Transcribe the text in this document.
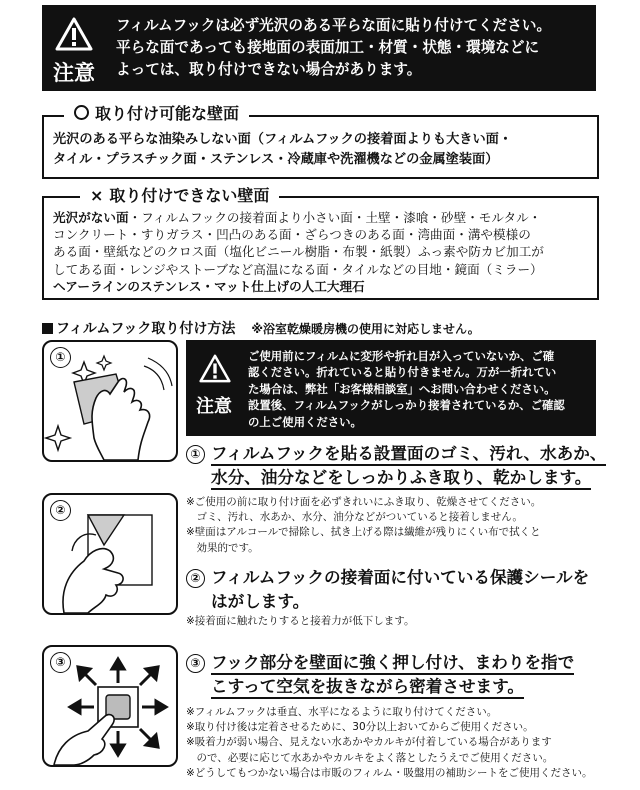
注意
フィルムフックは必ず光沢のある平らな面に貼り付けてください。
平らな面であっても接地面の表面加工・材質・状態・環境などに
よっては、取り付けできない場合があります。
光沢のある平らな油染みしない面（フィルムフックの接着面よりも大きい面・
タイル・プラスチック面・ステンレス・冷蔵庫や洗濯機などの金属塗装面）
取り付け可能な壁面
光沢がない面・フィルムフックの接着面より小さい面・土壁・漆喰・砂壁・モルタル・
コンクリート・すりガラス・凹凸のある面・ざらつきのある面・湾曲面・溝や模様の
ある面・壁紙などのクロス面（塩化ビニール樹脂・布製・紙製）ふっ素や防カビ加工が
してある面・レンジやストーブなど高温になる面・タイルなどの目地・鏡面（ミラー）
ヘアーラインのステンレス・マット仕上げの人工大理石
× 取り付けできない壁面
フィルムフック取り付け方法 ※浴室乾燥暖房機の使用に対応しません。
①
②
③
注意
ご使用前にフィルムに変形や折れ目が入っていないか、ご確
認ください。折れていると貼り付きません。万が一折れてい
た場合は、弊社「お客様相談室」へお問い合わせください。
設置後、フィルムフックがしっかり接着されているか、ご確認
の上ご使用ください。
① フィルムフックを貼る設置面のゴミ、汚れ、水あか、
水分、油分などをしっかりふき取り、乾かします。
※ご使用の前に取り付け面を必ずきれいにふき取り、乾燥させてください。
　ゴミ、汚れ、水あか、水分、油分などがついていると接着しません。
※壁面はアルコールで掃除し、拭き上げる際は繊維が残りにくい布で拭くと
　効果的です。
② フィルムフックの接着面に付いている保護シールを
はがします。
※接着面に触れたりすると接着力が低下します。
③ フック部分を壁面に強く押し付け、まわりを指で
こすって空気を抜きながら密着させます。
※フィルムフックは垂直、水平になるように取り付けてください。
※取り付け後は定着させるために、30分以上おいてからご使用ください。
※吸着力が弱い場合、見えない水あかやカルキが付着している場合があります
　ので、必要に応じて水あかやカルキをよく落としたうえでご使用ください。
※どうしてもつかない場合は市販のフィルム・吸盤用の補助シートをご使用ください。
